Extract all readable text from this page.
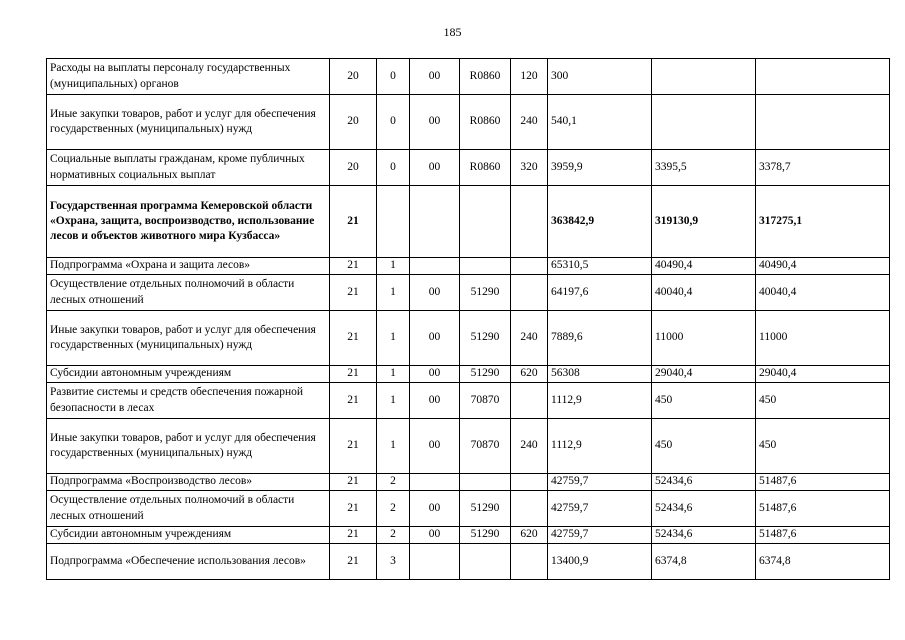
185
Расходы на выплаты персоналу государственных (муниципальных) органов	20	0	00	R0860	120	300		
Иные закупки товаров, работ и услуг для обеспечения государственных (муниципальных) нужд	20	0	00	R0860	240	540,1		
Социальные выплаты гражданам, кроме публичных нормативных социальных выплат	20	0	00	R0860	320	3959,9	3395,5	3378,7
Государственная программа Кемеровской области «Охрана, защита, воспроизводство, использование лесов и объектов животного мира Кузбасса»	21					363842,9	319130,9	317275,1
Подпрограмма «Охрана и защита лесов»	21	1				65310,5	40490,4	40490,4
Осуществление отдельных полномочий в области лесных отношений	21	1	00	51290		64197,6	40040,4	40040,4
Иные закупки товаров, работ и услуг для обеспечения государственных (муниципальных) нужд	21	1	00	51290	240	7889,6	11000	11000
Субсидии автономным учреждениям	21	1	00	51290	620	56308	29040,4	29040,4
Развитие системы и средств обеспечения пожарной безопасности в лесах	21	1	00	70870		1112,9	450	450
Иные закупки товаров, работ и услуг для обеспечения государственных (муниципальных) нужд	21	1	00	70870	240	1112,9	450	450
Подпрограмма «Воспроизводство лесов»	21	2				42759,7	52434,6	51487,6
Осуществление отдельных полномочий в области лесных отношений	21	2	00	51290		42759,7	52434,6	51487,6
Субсидии автономным учреждениям	21	2	00	51290	620	42759,7	52434,6	51487,6
Подпрограмма «Обеспечение использования лесов»	21	3				13400,9	6374,8	6374,8
